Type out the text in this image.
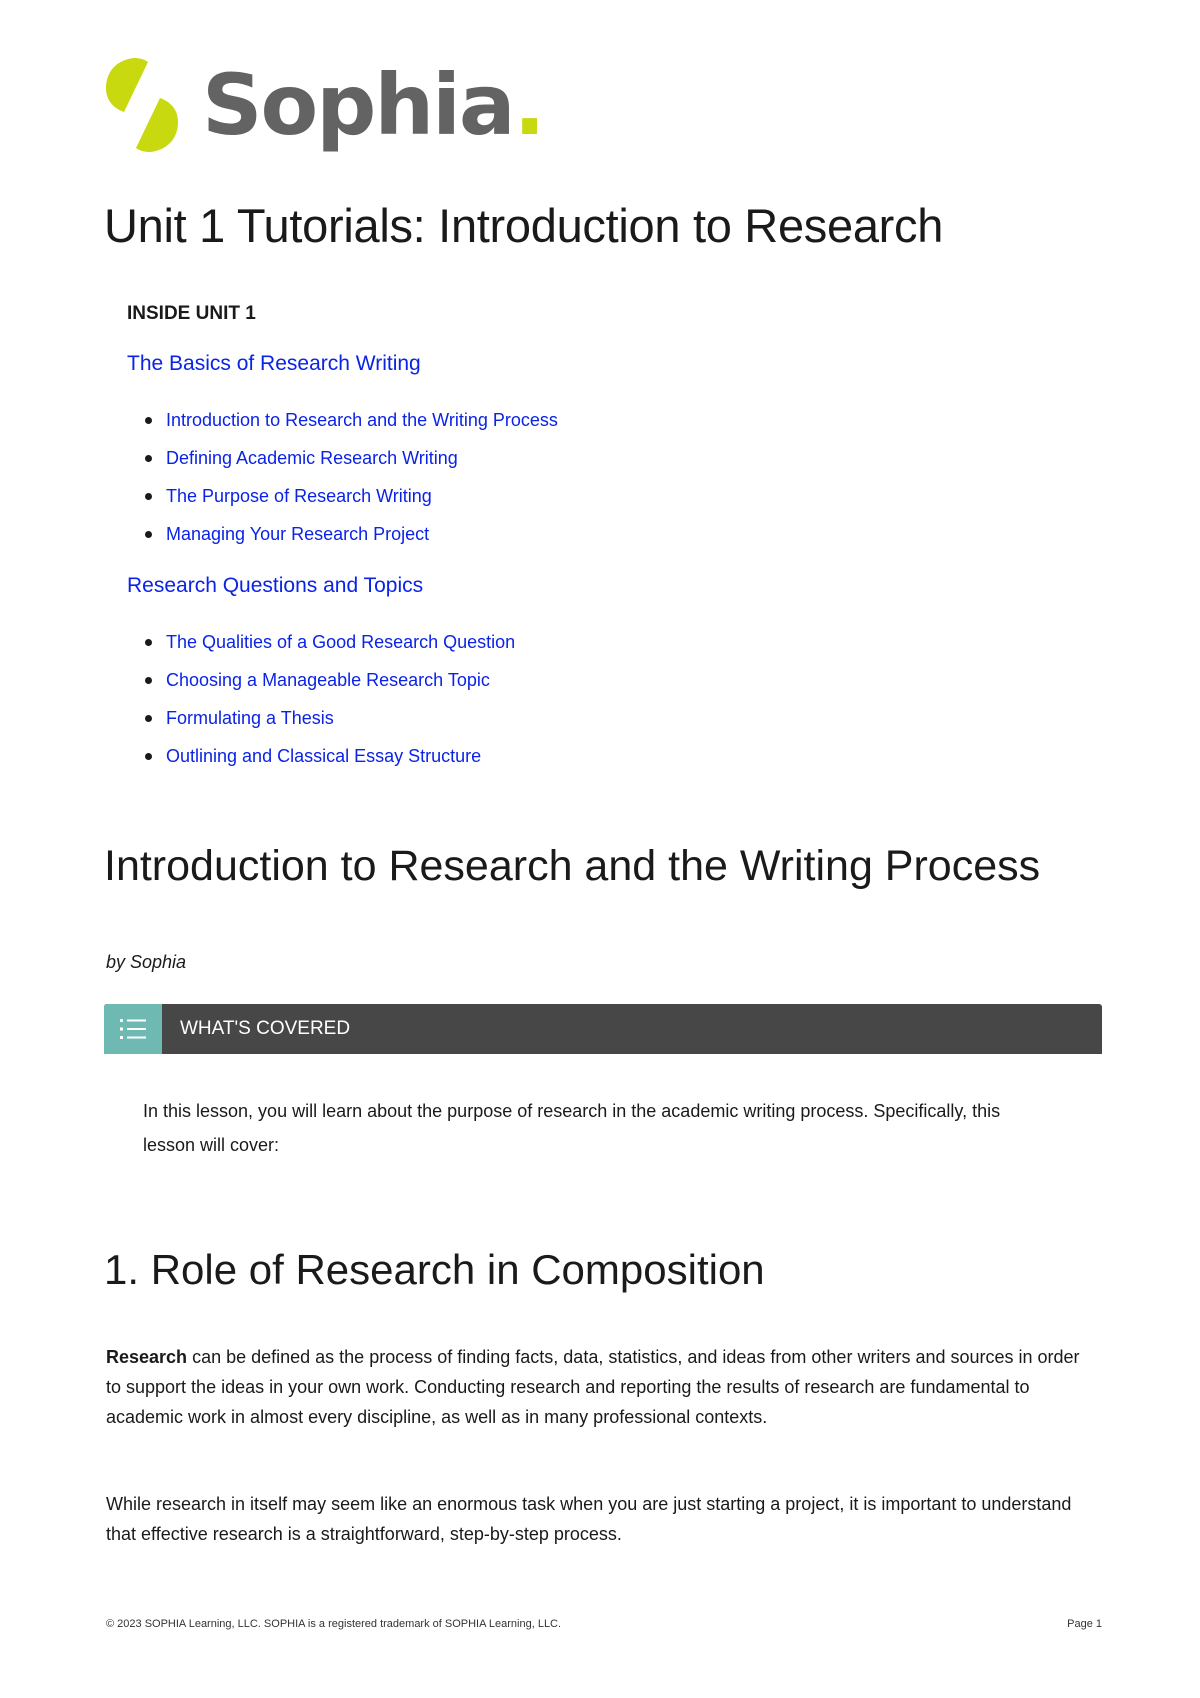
Sophia.
Unit 1 Tutorials: Introduction to Research
INSIDE UNIT 1
The Basics of Research Writing
Introduction to Research and the Writing Process
Defining Academic Research Writing
The Purpose of Research Writing
Managing Your Research Project
Research Questions and Topics
The Qualities of a Good Research Question
Choosing a Manageable Research Topic
Formulating a Thesis
Outlining and Classical Essay Structure
Introduction to Research and the Writing Process
by Sophia
WHAT'S COVERED
In this lesson, you will learn about the purpose of research in the academic writing process. Specifically, this lesson will cover:
1. Role of Research in Composition

Research can be defined as the process of finding facts, data, statistics, and ideas from other writers and sources in order to support the ideas in your own work. Conducting research and reporting the results of research are fundamental to academic work in almost every discipline, as well as in many professional contexts.

While research in itself may seem like an enormous task when you are just starting a project, it is important to understand that effective research is a straightforward, step-by-step process.

© 2023 SOPHIA Learning, LLC. SOPHIA is a registered trademark of SOPHIA Learning, LLC.	Page 1
